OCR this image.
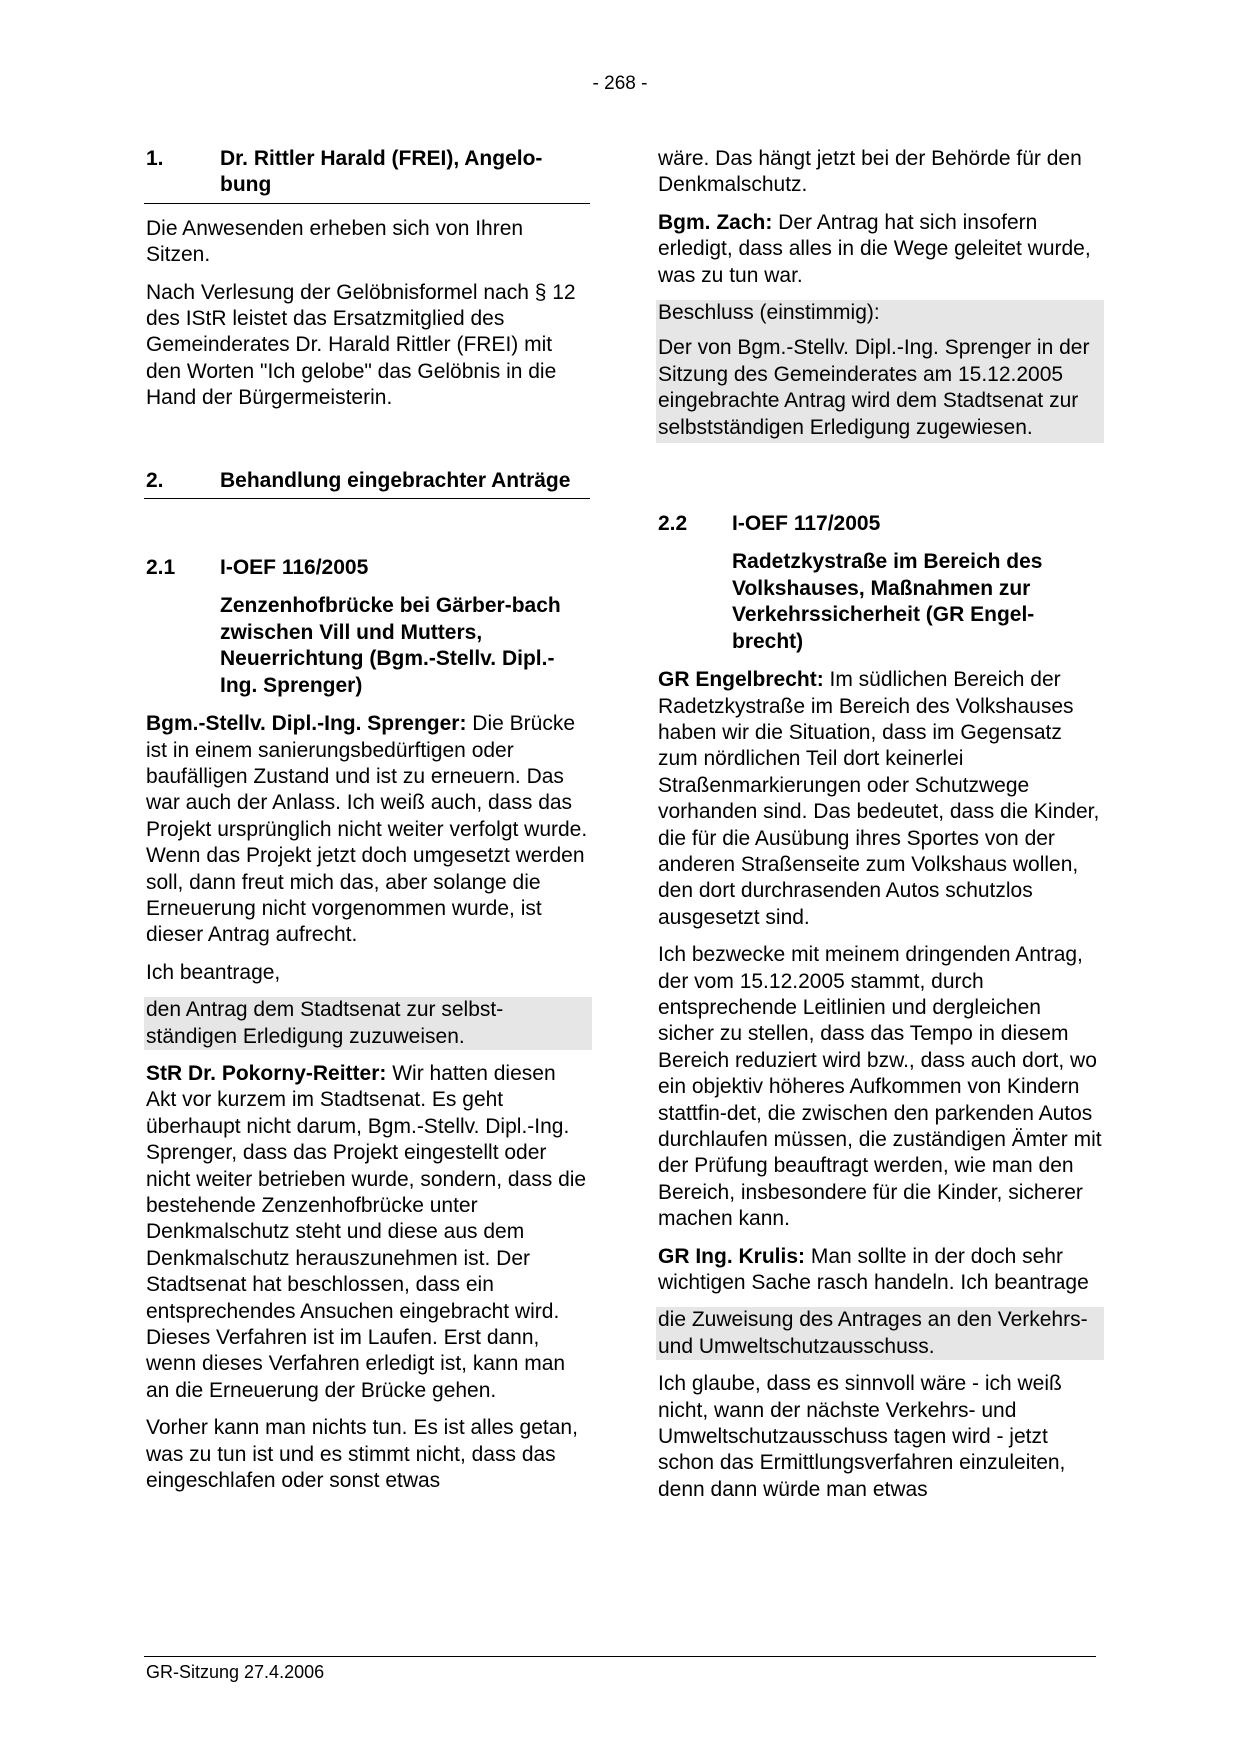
- 268 -
1.	Dr. Rittler Harald (FREI), Angelo-bung

Die Anwesenden erheben sich von Ihren Sitzen.

Nach Verlesung der Gelöbnisformel nach § 12 des IStR leistet das Ersatzmitglied des Gemeinderates Dr. Harald Rittler (FREI) mit den Worten "Ich gelobe" das Gelöbnis in die Hand der Bürgermeisterin.

2.	Behandlung eingebrachter Anträge
2.1	I-OEF 116/2005
Zenzenhofbrücke bei Gärber-bach zwischen Vill und Mutters, Neuerrichtung (Bgm.-Stellv. Dipl.-Ing. Sprenger)

Bgm.-Stellv. Dipl.-Ing. Sprenger: Die Brücke ist in einem sanierungsbedürftigen oder baufälligen Zustand und ist zu erneuern. Das war auch der Anlass. Ich weiß auch, dass das Projekt ursprünglich nicht weiter verfolgt wurde. Wenn das Projekt jetzt doch umgesetzt werden soll, dann freut mich das, aber solange die Erneuerung nicht vorgenommen wurde, ist dieser Antrag aufrecht.

Ich beantrage,

den Antrag dem Stadtsenat zur selbst-ständigen Erledigung zuzuweisen.

StR Dr. Pokorny-Reitter: Wir hatten diesen Akt vor kurzem im Stadtsenat. Es geht überhaupt nicht darum, Bgm.-Stellv. Dipl.-Ing. Sprenger, dass das Projekt eingestellt oder nicht weiter betrieben wurde, sondern, dass die bestehende Zenzenhofbrücke unter Denkmalschutz steht und diese aus dem Denkmalschutz herauszunehmen ist. Der Stadtsenat hat beschlossen, dass ein entsprechendes Ansuchen eingebracht wird. Dieses Verfahren ist im Laufen. Erst dann, wenn dieses Verfahren erledigt ist, kann man an die Erneuerung der Brücke gehen.

Vorher kann man nichts tun. Es ist alles getan, was zu tun ist und es stimmt nicht, dass das eingeschlafen oder sonst etwas

wäre. Das hängt jetzt bei der Behörde für den Denkmalschutz.

Bgm. Zach: Der Antrag hat sich insofern erledigt, dass alles in die Wege geleitet wurde, was zu tun war.

Beschluss (einstimmig):

Der von Bgm.-Stellv. Dipl.-Ing. Sprenger in der Sitzung des Gemeinderates am 15.12.2005 eingebrachte Antrag wird dem Stadtsenat zur selbstständigen Erledigung zugewiesen.

2.2	I-OEF 117/2005
Radetzkystraße im Bereich des Volkshauses, Maßnahmen zur Verkehrssicherheit (GR Engel-brecht)

GR Engelbrecht: Im südlichen Bereich der Radetzkystraße im Bereich des Volkshauses haben wir die Situation, dass im Gegensatz zum nördlichen Teil dort keinerlei Straßenmarkierungen oder Schutzwege vorhanden sind. Das bedeutet, dass die Kinder, die für die Ausübung ihres Sportes von der anderen Straßenseite zum Volkshaus wollen, den dort durchrasenden Autos schutzlos ausgesetzt sind.

Ich bezwecke mit meinem dringenden Antrag, der vom 15.12.2005 stammt, durch entsprechende Leitlinien und dergleichen sicher zu stellen, dass das Tempo in diesem Bereich reduziert wird bzw., dass auch dort, wo ein objektiv höheres Aufkommen von Kindern stattfin-det, die zwischen den parkenden Autos durchlaufen müssen, die zuständigen Ämter mit der Prüfung beauftragt werden, wie man den Bereich, insbesondere für die Kinder, sicherer machen kann.

GR Ing. Krulis: Man sollte in der doch sehr wichtigen Sache rasch handeln. Ich beantrage

die Zuweisung des Antrages an den Verkehrs- und Umweltschutzausschuss.

Ich glaube, dass es sinnvoll wäre - ich weiß nicht, wann der nächste Verkehrs- und Umweltschutzausschuss tagen wird - jetzt schon das Ermittlungsverfahren einzuleiten, denn dann würde man etwas

GR-Sitzung 27.4.2006
